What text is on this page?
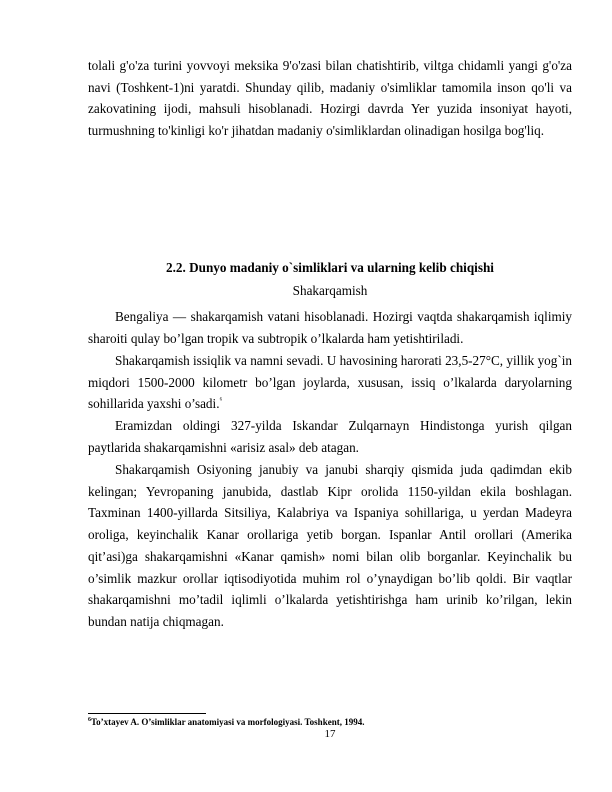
tolali g'o'za turini yovvoyi meksika 9'o'zasi bilan chatishtirib, viltga chidamli yangi g'o'za navi (Toshkent-1)ni yaratdi. Shunday qilib, madaniy o'simliklar tamomila inson qo'li va zakovatining ijodi, mahsuli hisoblanadi. Hozirgi davrda Yer yuzida insoniyat hayoti, turmushning to'kinligi ko'r jihatdan madaniy o'simliklardan olinadigan hosilga bog'liq.

2.2. Dunyo madaniy o`simliklari va ularning kelib chiqishi

Shakarqamish

Bengaliya — shakarqamish vatani hisoblanadi. Hozirgi vaqtda shakarqamish iqlimiy sharoiti qulay bo’lgan tropik va subtropik o’lkalarda ham yetishtiriladi.

Shakarqamish issiqlik va namni sevadi. U havosining harorati 23,5-27°C, yillik yog`in miqdori 1500-2000 kilometr bo’lgan joylarda, xususan, issiq o’lkalarda daryolarning sohillarida yaxshi o’sadi.$^{^6}$

Eramizdan oldingi 327-yilda Iskandar Zulqarnayn Hindistonga yurish qilgan paytlarida shakarqamishni «arisiz asal» deb atagan.

Shakarqamish Osiyoning janubiy va janubi sharqiy qismida juda qadimdan ekib kelingan; Yevropaning janubida, dastlab Kipr orolida 1150-yildan ekila boshlagan. Taxminan 1400-yillarda Sitsiliya, Kalabriya va Ispaniya sohillariga, u yerdan Madeyra oroliga, keyinchalik Kanar orollariga yetib borgan. Ispanlar Antil orollari (Amerika qit’asi)ga shakarqamishni «Kanar qamish» nomi bilan olib borganlar. Keyinchalik bu o’simlik mazkur orollar iqtisodiyotida muhim rol o’ynaydigan bo’lib qoldi. Bir vaqtlar shakarqamishni mo’tadil iqlimli o’lkalarda yetishtirishga ham urinib ko’rilgan, lekin bundan natija chiqmagan.

$^6$To’xtayev A. O’simliklar anatomiyasi va morfologiyasi. Toshkent, 1994.

17
